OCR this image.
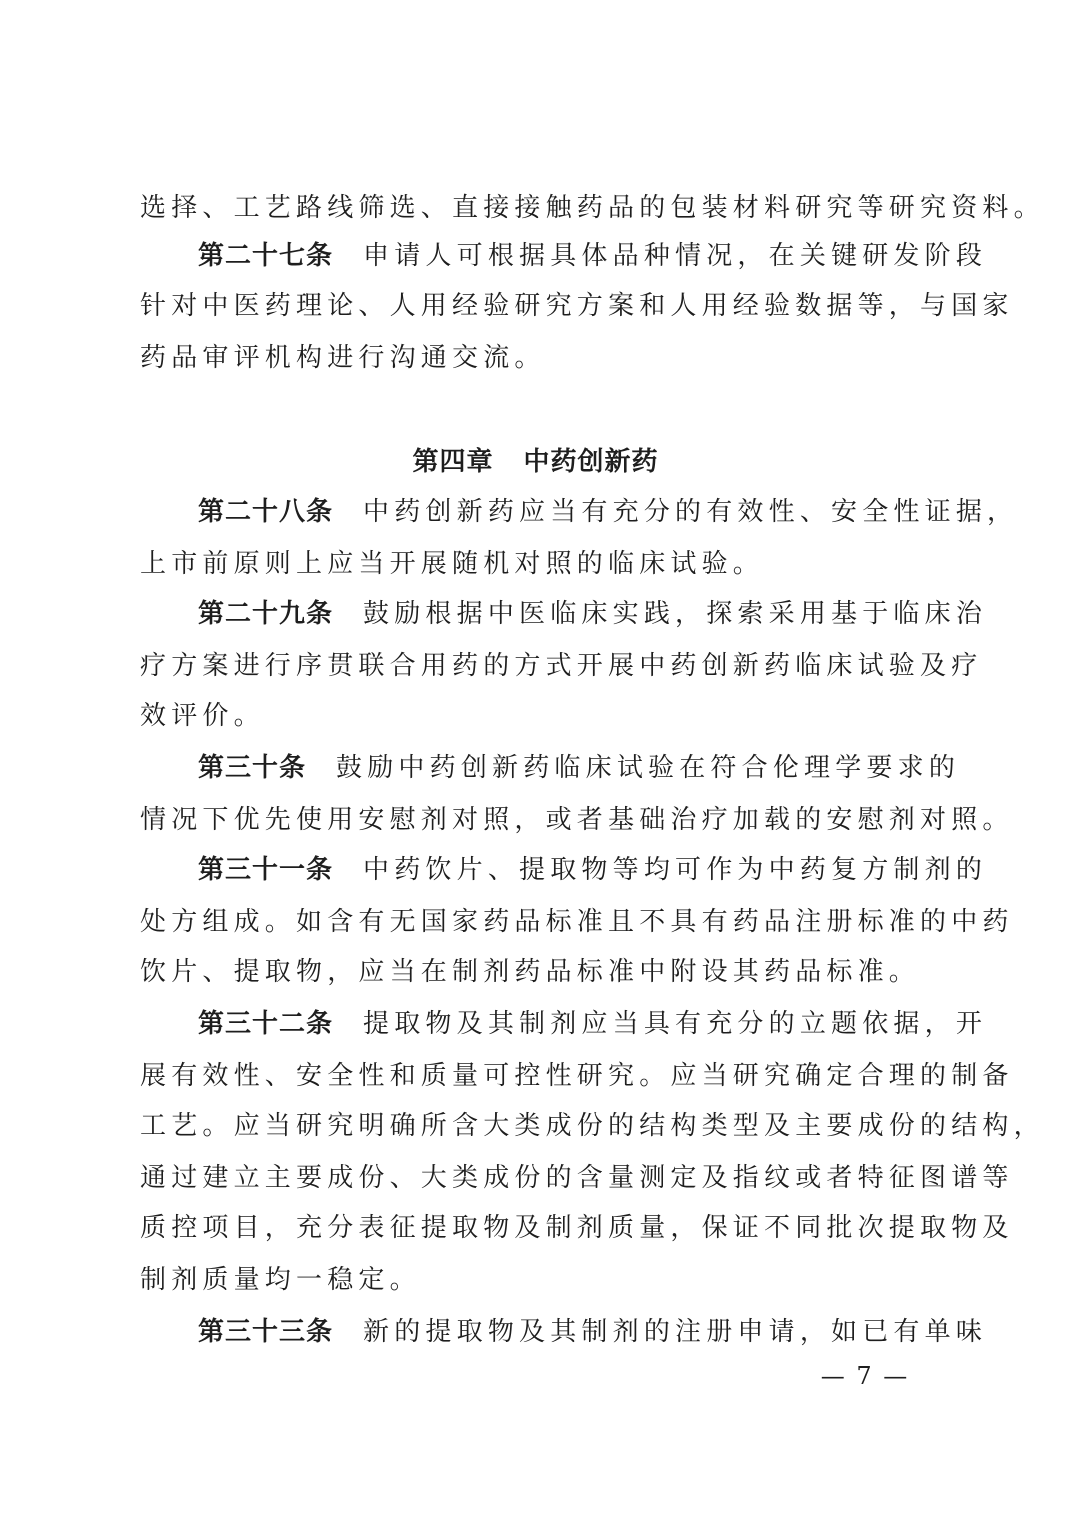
选择、工艺路线筛选、直接接触药品的包装材料研究等研究资料。
第二十七条 申请人可根据具体品种情况，在关键研发阶段
针对中医药理论、人用经验研究方案和人用经验数据等，与国家
药品审评机构进行沟通交流。
第四章 中药创新药
第二十八条 中药创新药应当有充分的有效性、安全性证据，
上市前原则上应当开展随机对照的临床试验。
第二十九条 鼓励根据中医临床实践，探索采用基于临床治
疗方案进行序贯联合用药的方式开展中药创新药临床试验及疗
效评价。
第三十条 鼓励中药创新药临床试验在符合伦理学要求的
情况下优先使用安慰剂对照，或者基础治疗加载的安慰剂对照。
第三十一条 中药饮片、提取物等均可作为中药复方制剂的
处方组成。如含有无国家药品标准且不具有药品注册标准的中药
饮片、提取物，应当在制剂药品标准中附设其药品标准。
第三十二条 提取物及其制剂应当具有充分的立题依据，开
展有效性、安全性和质量可控性研究。应当研究确定合理的制备
工艺。应当研究明确所含大类成份的结构类型及主要成份的结构，
通过建立主要成份、大类成份的含量测定及指纹或者特征图谱等
质控项目，充分表征提取物及制剂质量，保证不同批次提取物及
制剂质量均一稳定。
第三十三条 新的提取物及其制剂的注册申请，如已有单味
— 7 —
